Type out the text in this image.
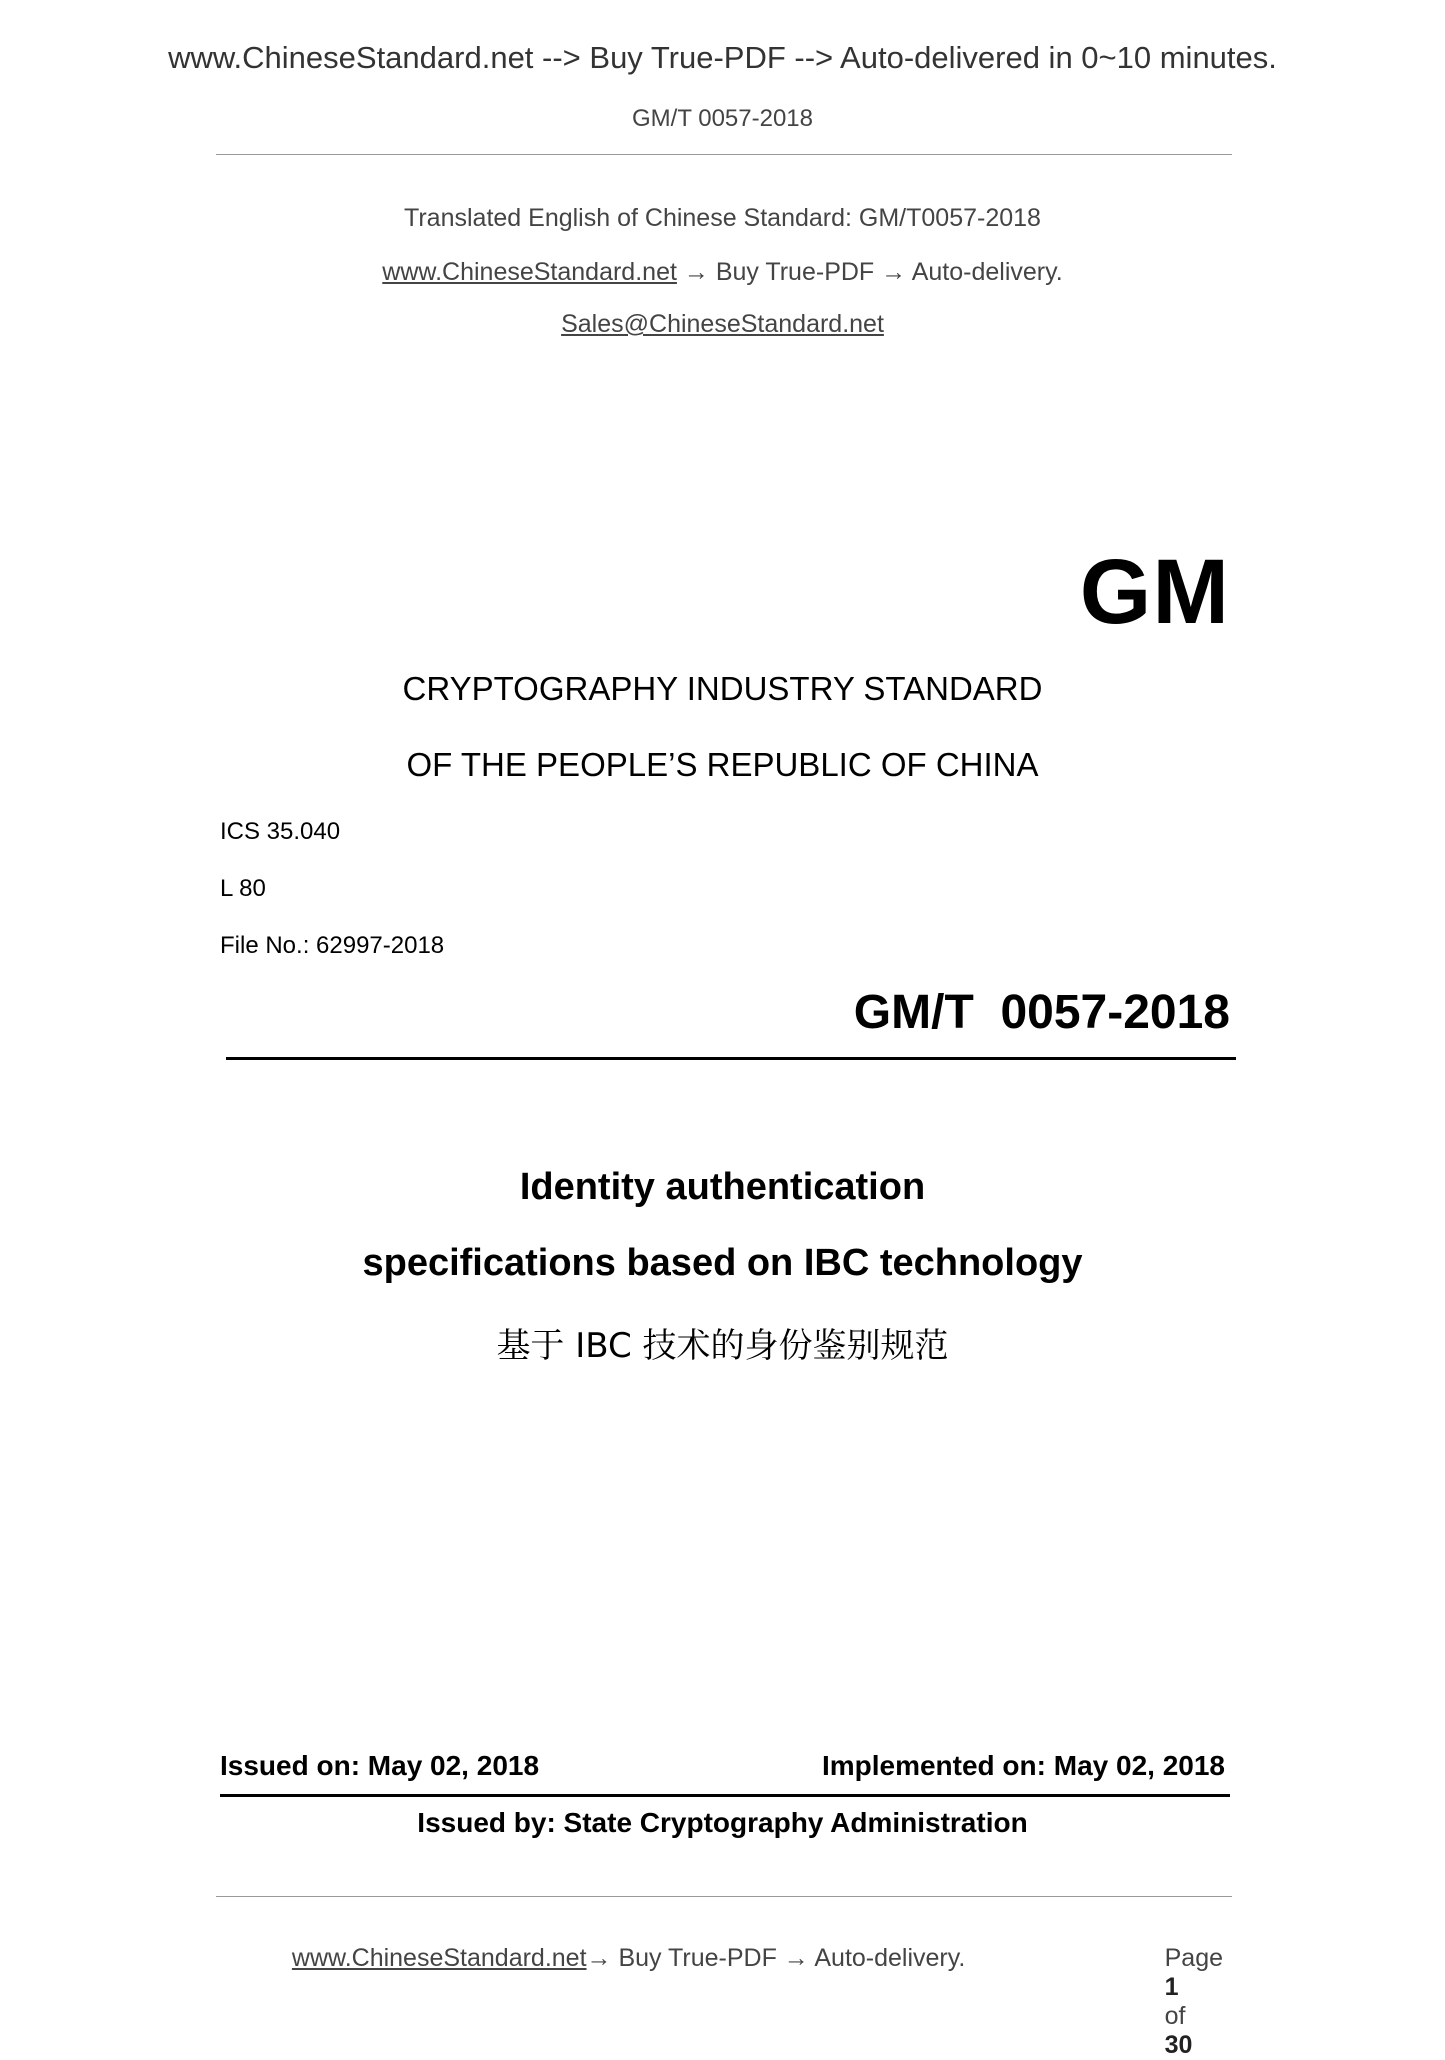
www.ChineseStandard.net --> Buy True-PDF --> Auto-delivered in 0~10 minutes.
GM/T 0057-2018
Translated English of Chinese Standard: GM/T0057-2018
www.ChineseStandard.net → Buy True-PDF → Auto-delivery.
Sales@ChineseStandard.net
GM
CRYPTOGRAPHY INDUSTRY STANDARD
OF THE PEOPLE’S REPUBLIC OF CHINA
ICS 35.040
L 80
File No.: 62997-2018
GM/T  0057-2018
Identity authentication
specifications based on IBC technology
基于 IBC 技术的身份鉴别规范
Issued on: May 02, 2018	Implemented on: May 02, 2018
Issued by: State Cryptography Administration

www.ChineseStandard.net→ Buy True-PDF → Auto-delivery.	Page
1
of
30
